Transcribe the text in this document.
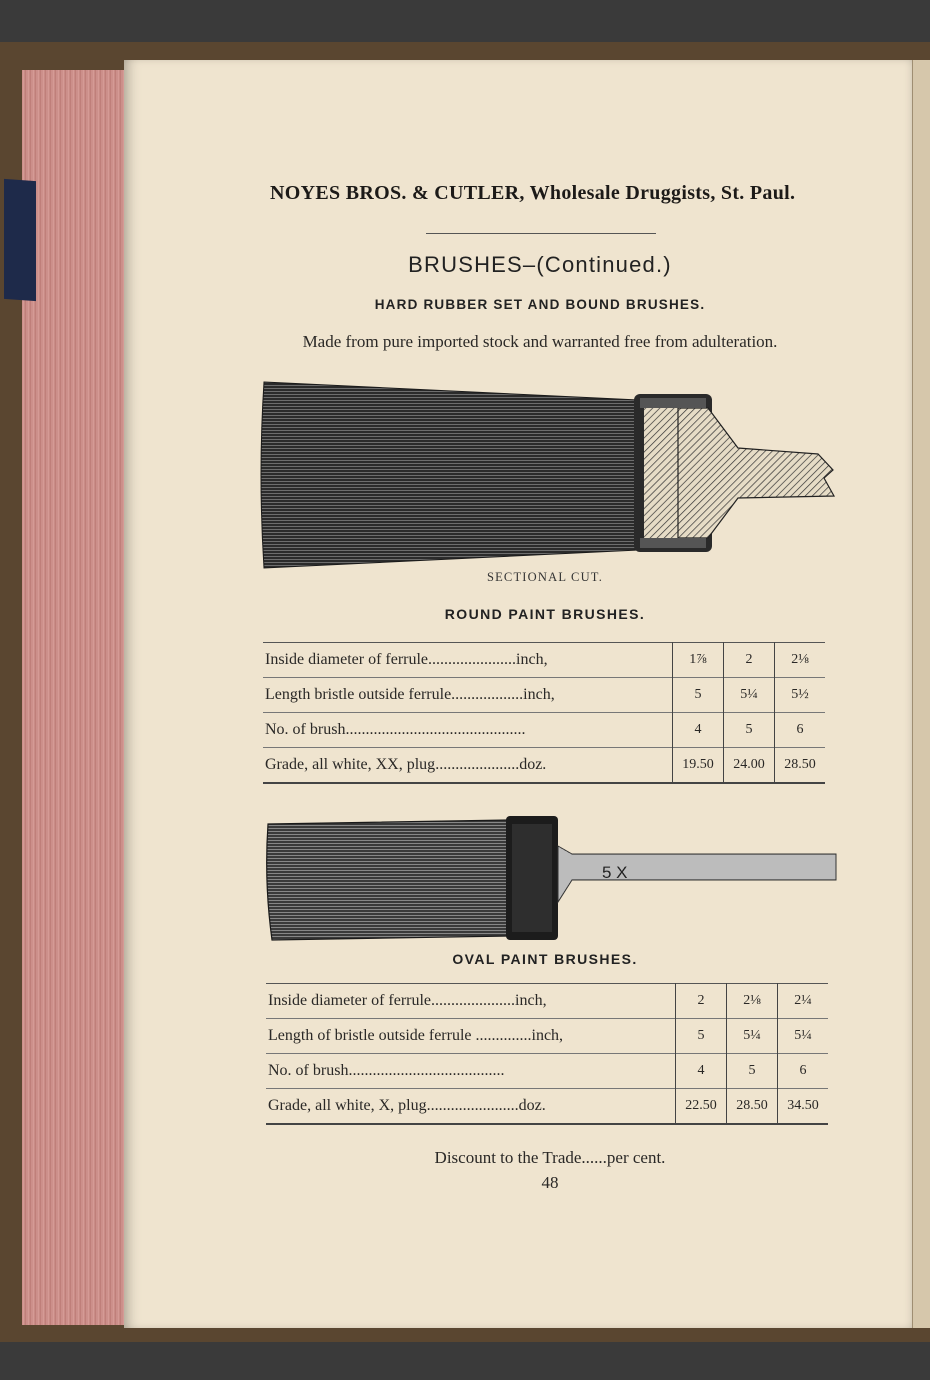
NOYES BROS. & CUTLER, Wholesale Druggists, St. Paul.
BRUSHES–(Continued.)
HARD RUBBER SET AND BOUND BRUSHES.
Made from pure imported stock and warranted free from adulteration.
SECTIONAL CUT.
ROUND PAINT BRUSHES.
Inside diameter of ferrule......................inch,	1⅞	2	2⅛
Length bristle outside ferrule..................inch,	5	5¼	5½
No. of brush.............................................	4	5	6
Grade, all white, XX, plug.....................doz.	19.50	24.00	28.50
5 X
OVAL PAINT BRUSHES.
Inside diameter of ferrule.....................inch,	2	2⅛	2¼
Length of bristle outside ferrule ..............inch,	5	5¼	5¼
No. of brush.......................................	4	5	6
Grade, all white, X, plug.......................doz.	22.50	28.50	34.50
Discount to the Trade......per cent.
48
